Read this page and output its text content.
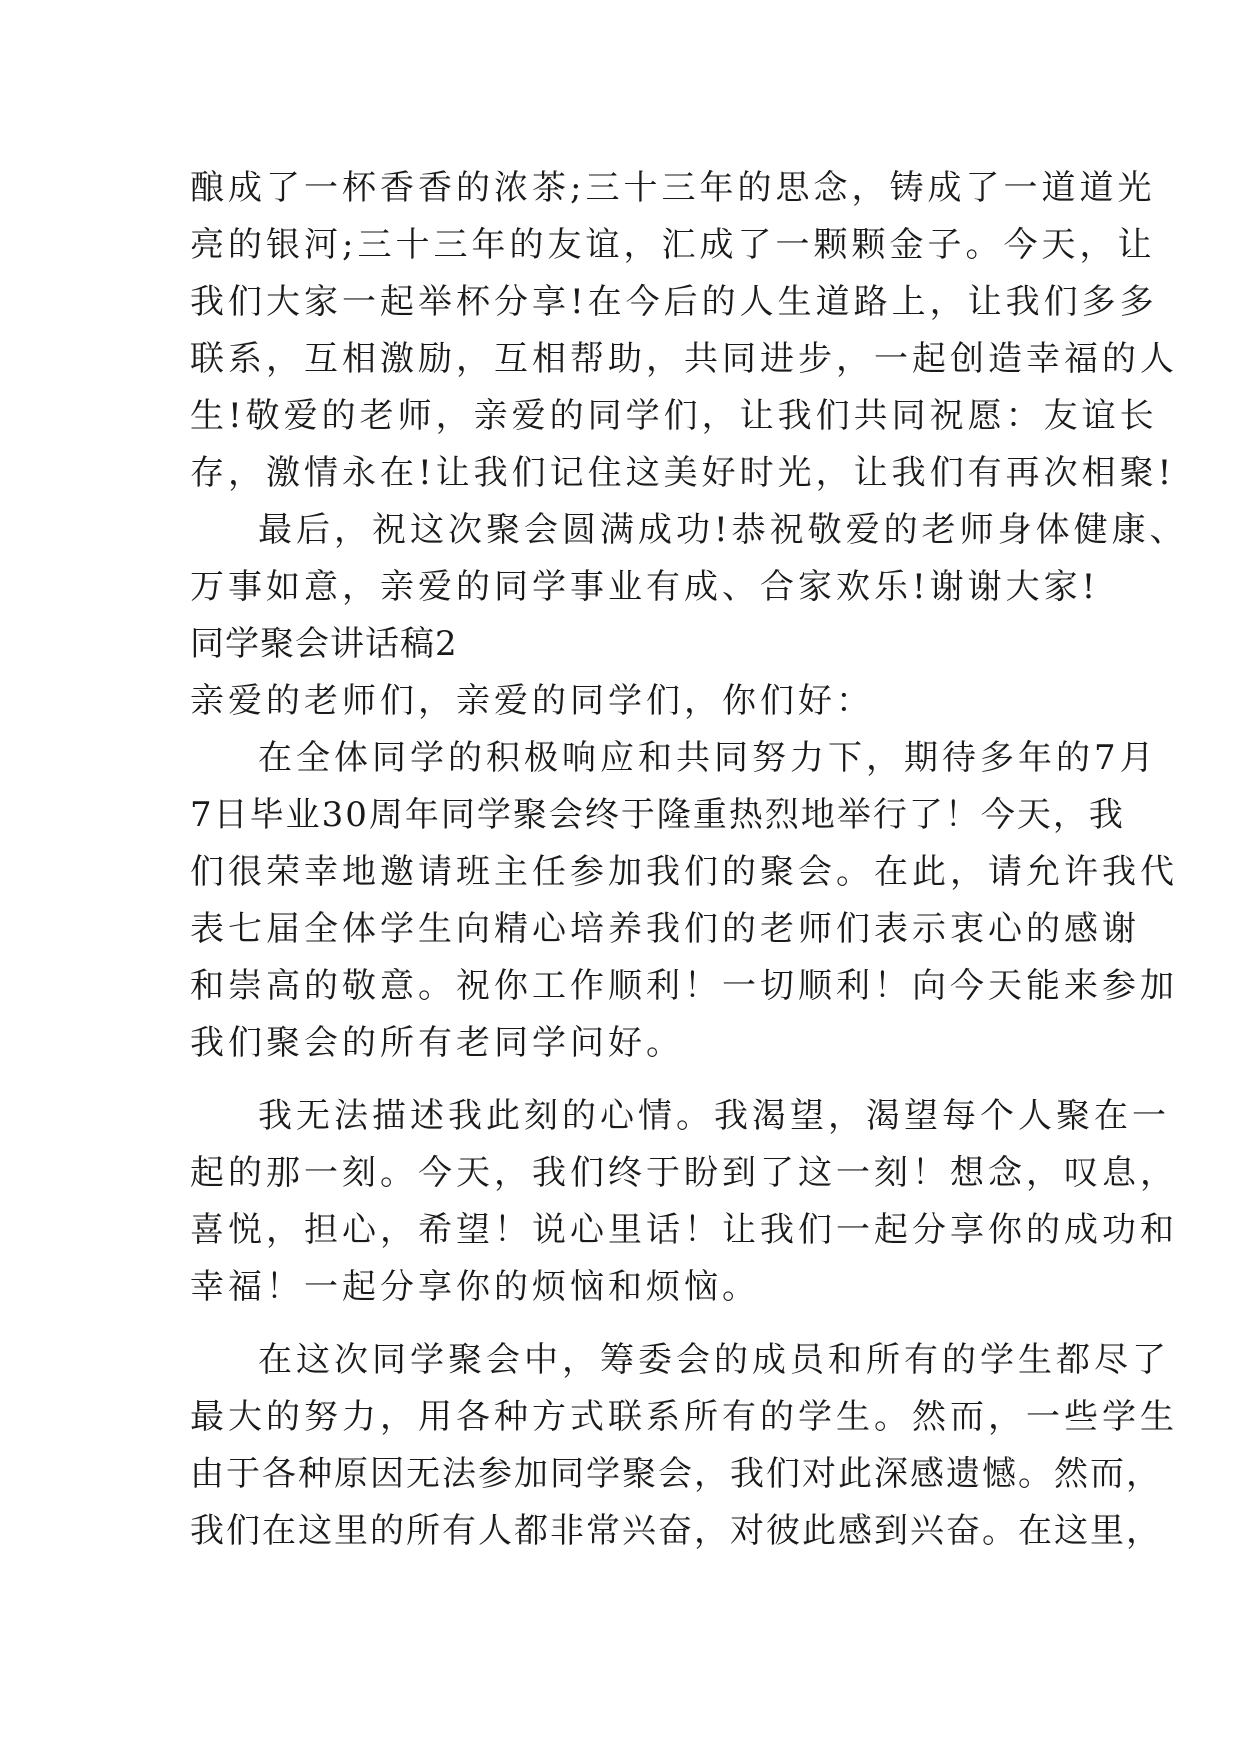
酿成了一杯香香的浓茶;三十三年的思念，铸成了一道道光
亮的银河;三十三年的友谊，汇成了一颗颗金子。今天，让
我们大家一起举杯分享!在今后的人生道路上，让我们多多
联系，互相激励，互相帮助，共同进步，一起创造幸福的人
生!敬爱的老师，亲爱的同学们，让我们共同祝愿：友谊长
存，激情永在!让我们记住这美好时光，让我们有再次相聚!
最后，祝这次聚会圆满成功!恭祝敬爱的老师身体健康、
万事如意，亲爱的同学事业有成、合家欢乐!谢谢大家!
同学聚会讲话稿2
亲爱的老师们，亲爱的同学们，你们好：
在全体同学的积极响应和共同努力下，期待多年的7月
7日毕业30周年同学聚会终于隆重热烈地举行了！今天，我
们很荣幸地邀请班主任参加我们的聚会。在此，请允许我代
表七届全体学生向精心培养我们的老师们表示衷心的感谢
和崇高的敬意。祝你工作顺利！一切顺利！向今天能来参加
我们聚会的所有老同学问好。
我无法描述我此刻的心情。我渴望，渴望每个人聚在一
起的那一刻。今天，我们终于盼到了这一刻！想念，叹息，
喜悦，担心，希望！说心里话！让我们一起分享你的成功和
幸福！一起分享你的烦恼和烦恼。
在这次同学聚会中，筹委会的成员和所有的学生都尽了
最大的努力，用各种方式联系所有的学生。然而，一些学生
由于各种原因无法参加同学聚会，我们对此深感遗憾。然而，
我们在这里的所有人都非常兴奋，对彼此感到兴奋。在这里，
